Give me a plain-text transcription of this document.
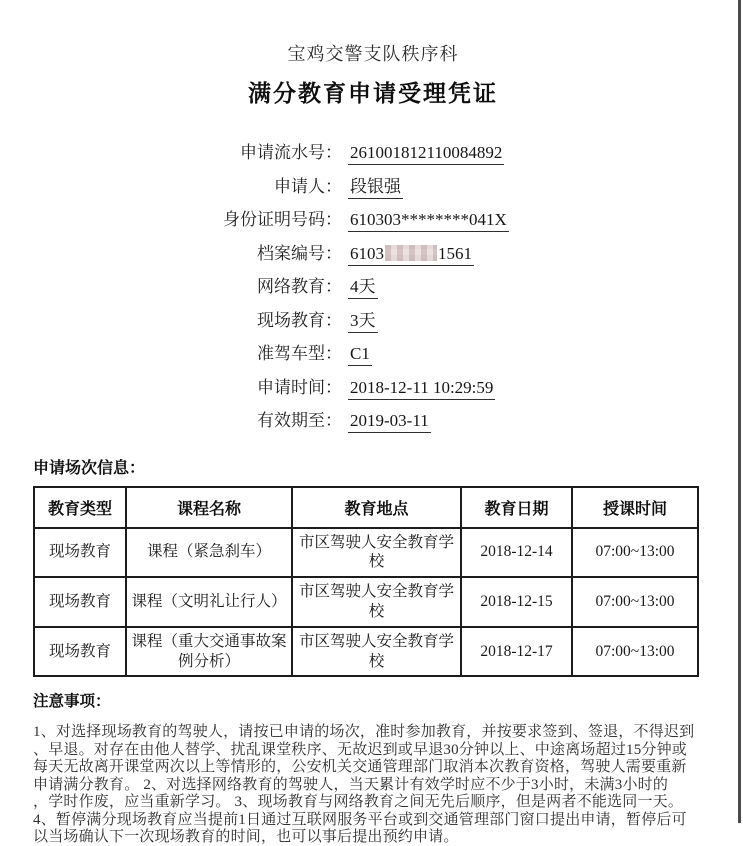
宝鸡交警支队秩序科
满分教育申请受理凭证
申请流水号： 261001812110084892
申请人： 段银强
身份证明号码： 610303********041X
档案编号： 6103	1561
网络教育： 4天
现场教育： 3天
准驾车型： C1
申请时间： 2018-12-11 10:29:59
有效期至： 2019-03-11
申请场次信息：
教育类型	课程名称	教育地点	教育日期	授课时间
现场教育	课程（紧急刹车）	市区驾驶人安全教育学校	2018-12-14	07:00~13:00
现场教育	课程（文明礼让行人）	市区驾驶人安全教育学校	2018-12-15	07:00~13:00
现场教育	课程（重大交通事故案例分析）	市区驾驶人安全教育学校	2018-12-17	07:00~13:00
注意事项：
1、对选择现场教育的驾驶人，请按已申请的场次，准时参加教育，并按要求签到、签退，不得迟到
、早退。对存在由他人替学、扰乱课堂秩序、无故迟到或早退30分钟以上、中途离场超过15分钟或
每天无故离开课堂两次以上等情形的，公安机关交通管理部门取消本次教育资格，驾驶人需要重新
申请满分教育。 2、对选择网络教育的驾驶人，当天累计有效学时应不少于3小时，未满3小时的
，学时作废，应当重新学习。 3、现场教育与网络教育之间无先后顺序，但是两者不能选同一天。
4、暂停满分现场教育应当提前1日通过互联网服务平台或到交通管理部门窗口提出申请，暂停后可
以当场确认下一次现场教育的时间，也可以事后提出预约申请。
